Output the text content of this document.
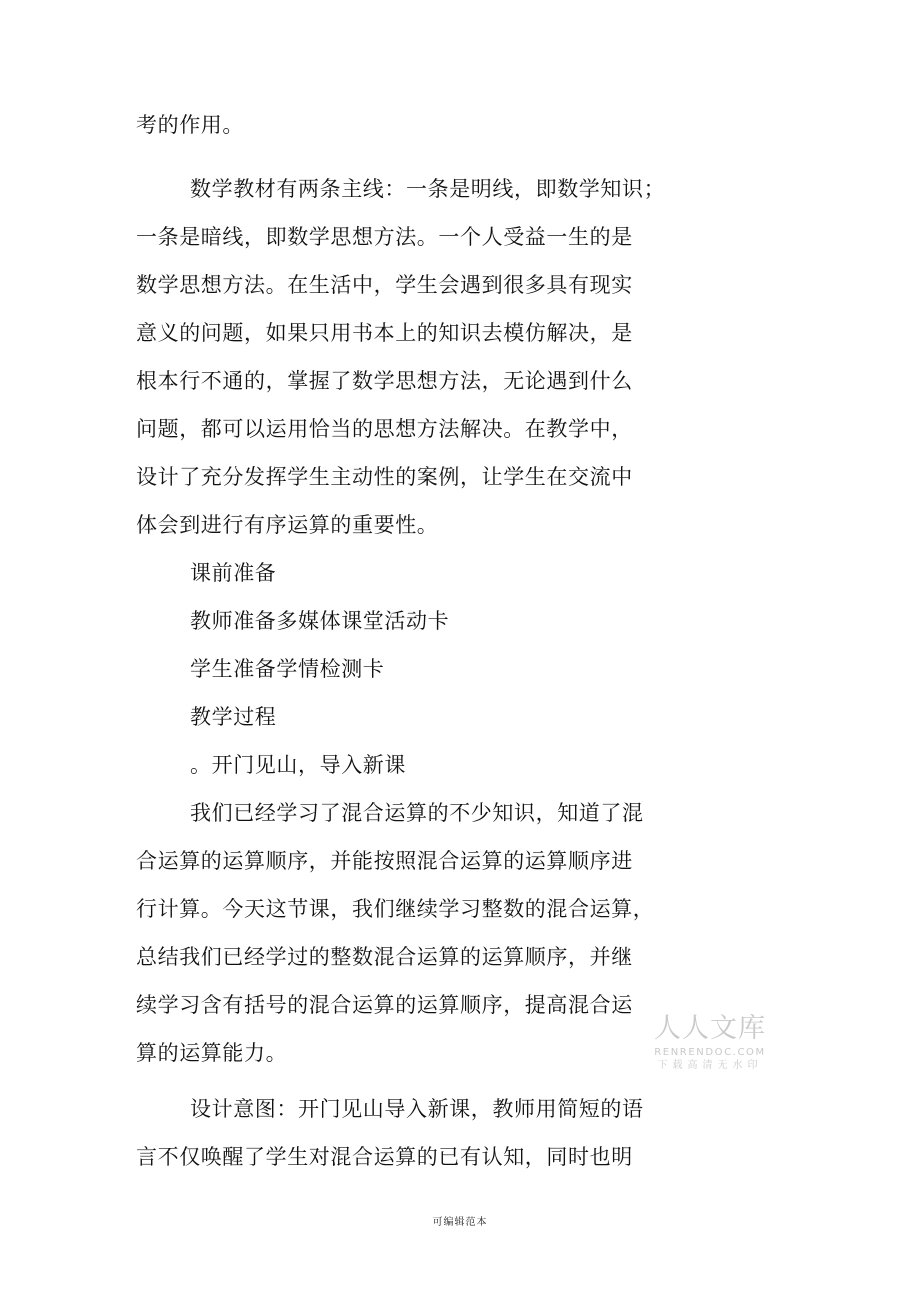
考的作用。
数学教材有两条主线：一条是明线，即数学知识；
一条是暗线，即数学思想方法。一个人受益一生的是
数学思想方法。在生活中，学生会遇到很多具有现实
意义的问题，如果只用书本上的知识去模仿解决，是
根本行不通的，掌握了数学思想方法，无论遇到什么
问题，都可以运用恰当的思想方法解决。在教学中，
设计了充分发挥学生主动性的案例，让学生在交流中
体会到进行有序运算的重要性。
课前准备
教师准备多媒体课堂活动卡
学生准备学情检测卡
教学过程
。开门见山，导入新课
我们已经学习了混合运算的不少知识，知道了混
合运算的运算顺序，并能按照混合运算的运算顺序进
行计算。今天这节课，我们继续学习整数的混合运算，
总结我们已经学过的整数混合运算的运算顺序，并继
续学习含有括号的混合运算的运算顺序，提高混合运
算的运算能力。
设计意图：开门见山导入新课，教师用简短的语
言不仅唤醒了学生对混合运算的已有认知，同时也明
人人文库
RENRENDOC.COM
下载高清无水印
可编辑范本
